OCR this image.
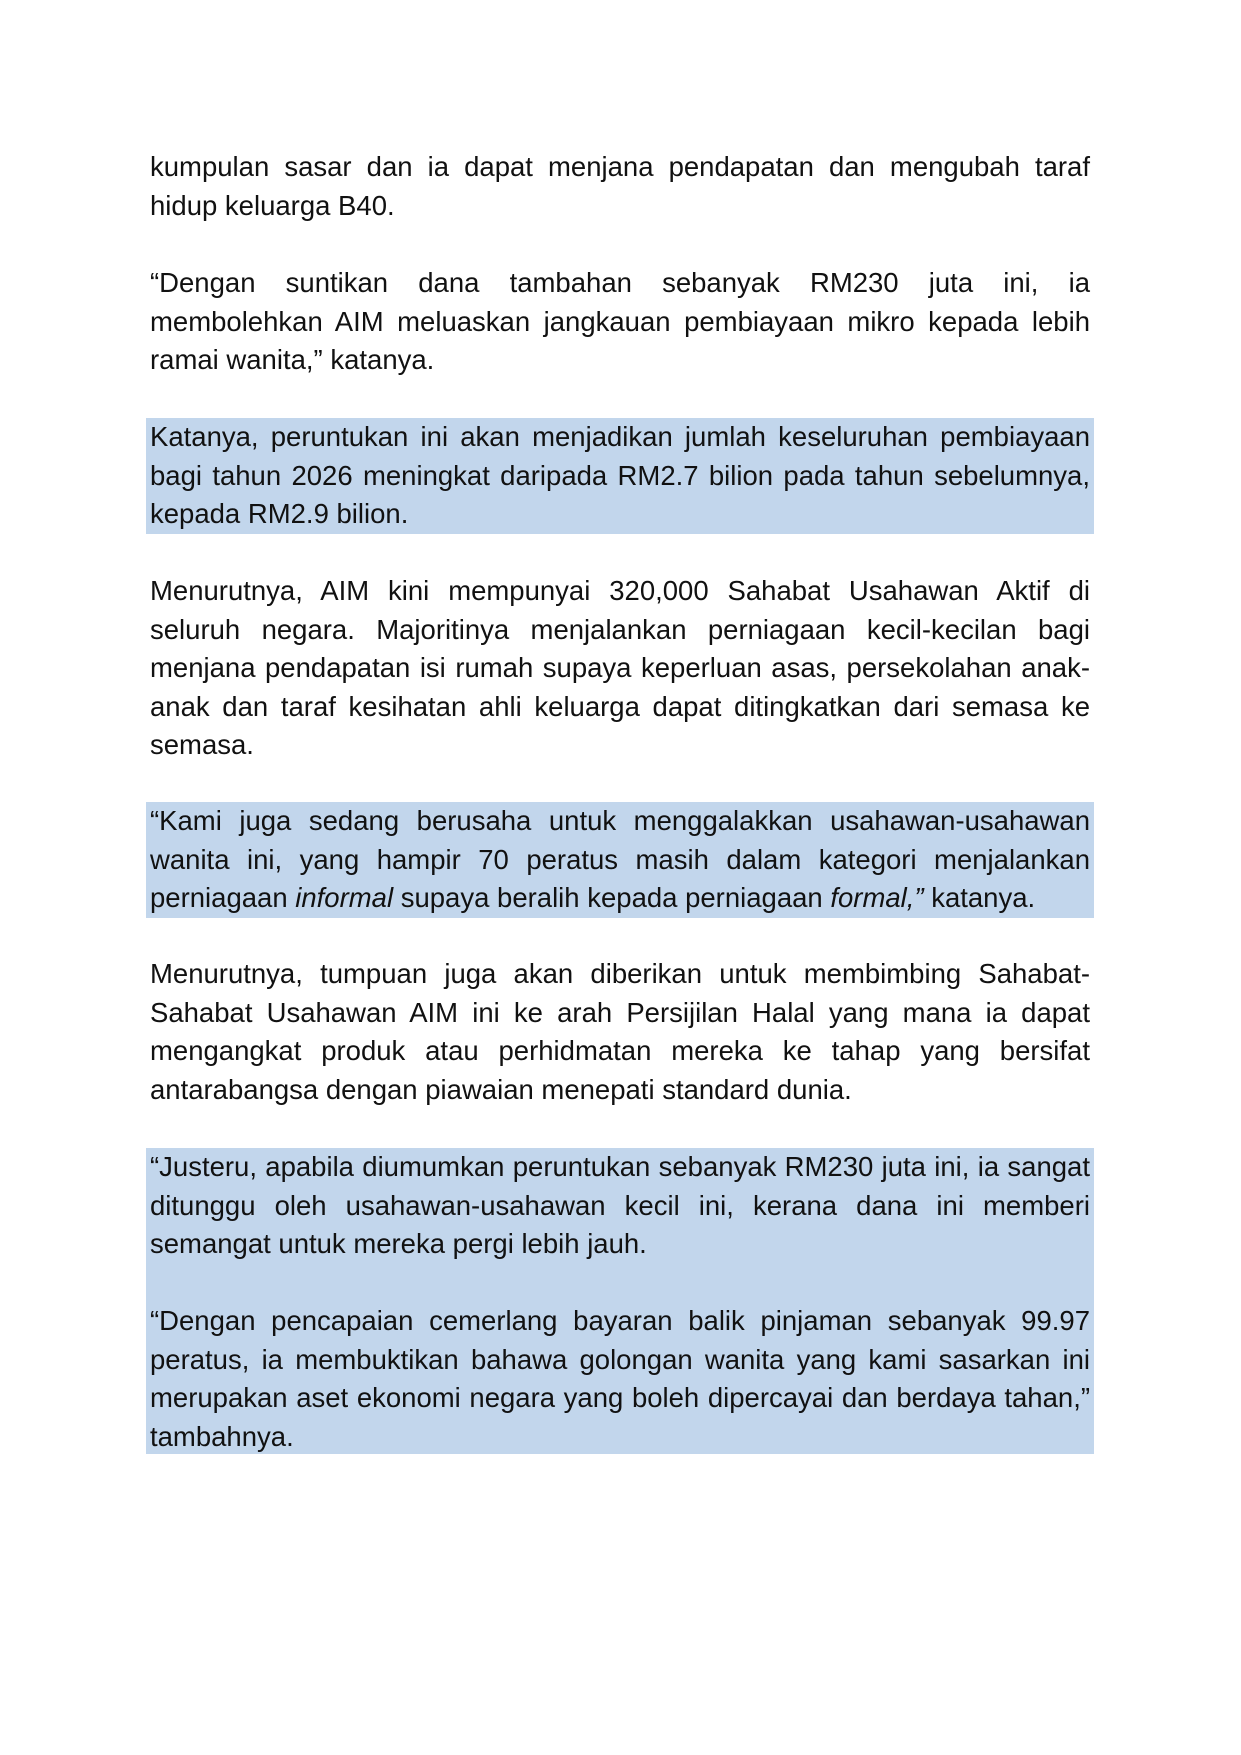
kumpulan sasar dan ia dapat menjana pendapatan dan mengubah taraf hidup keluarga B40.

“Dengan suntikan dana tambahan sebanyak RM230 juta ini, ia membolehkan AIM meluaskan jangkauan pembiayaan mikro kepada lebih ramai wanita,” katanya.

Katanya, peruntukan ini akan menjadikan jumlah keseluruhan pembiayaan bagi tahun 2026 meningkat daripada RM2.7 bilion pada tahun sebelumnya, kepada RM2.9 bilion.

Menurutnya, AIM kini mempunyai 320,000 Sahabat Usahawan Aktif di seluruh negara. Majoritinya menjalankan perniagaan kecil-kecilan bagi menjana pendapatan isi rumah supaya keperluan asas, persekolahan anak-anak dan taraf kesihatan ahli keluarga dapat ditingkatkan dari semasa ke semasa.

“Kami juga sedang berusaha untuk menggalakkan usahawan-usahawan wanita ini, yang hampir 70 peratus masih dalam kategori menjalankan perniagaan informal supaya beralih kepada perniagaan formal,” katanya.

Menurutnya, tumpuan juga akan diberikan untuk membimbing Sahabat-Sahabat Usahawan AIM ini ke arah Persijilan Halal yang mana ia dapat mengangkat produk atau perhidmatan mereka ke tahap yang bersifat antarabangsa dengan piawaian menepati standard dunia.

“Justeru, apabila diumumkan peruntukan sebanyak RM230 juta ini, ia sangat ditunggu oleh usahawan-usahawan kecil ini, kerana dana ini memberi semangat untuk mereka pergi lebih jauh.
“Dengan pencapaian cemerlang bayaran balik pinjaman sebanyak 99.97 peratus, ia membuktikan bahawa golongan wanita yang kami sasarkan ini merupakan aset ekonomi negara yang boleh dipercayai dan berdaya tahan,” tambahnya.
